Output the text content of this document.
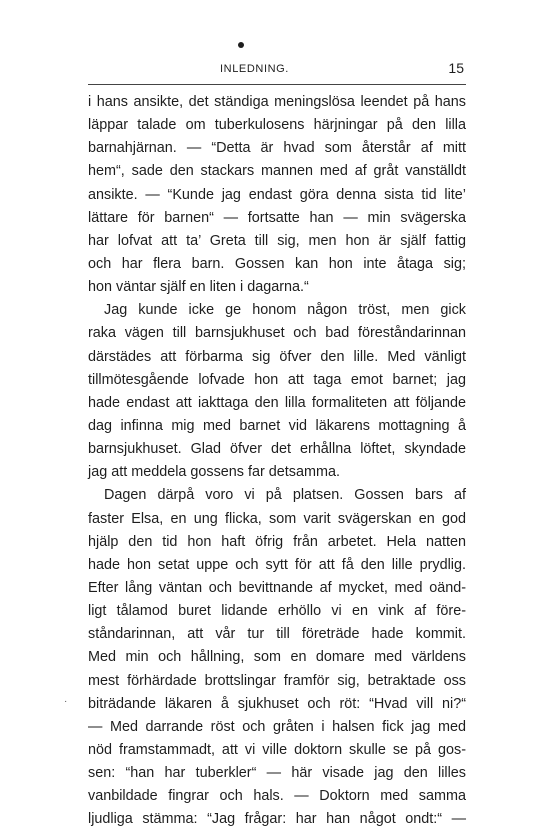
INLEDNING.	15
·
i hans ansikte, det ständiga meningslösa leendet på hans
läppar talade om tuberkulosens härjningar på den lilla
barnahjärnan. — “Detta är hvad som återstår af mitt
hem“, sade den stackars mannen med af gråt vanställdt
ansikte. — “Kunde jag endast göra denna sista tid lite’
lättare för barnen“ — fortsatte han — min svägerska
har lofvat att ta’ Greta till sig, men hon är själf fattig
och har flera barn. Gossen kan hon inte åtaga sig;
hon väntar själf en liten i dagarna.“
Jag kunde icke ge honom någon tröst, men gick
raka vägen till barnsjukhuset och bad föreståndarinnan
därstädes att förbarma sig öfver den lille. Med vänligt
tillmötesgående lofvade hon att taga emot barnet; jag
hade endast att iakttaga den lilla formaliteten att följande
dag infinna mig med barnet vid läkarens mottagning å
barnsjukhuset. Glad öfver det erhållna löftet, skyndade
jag att meddela gossens far detsamma.
Dagen därpå voro vi på platsen. Gossen bars af
faster Elsa, en ung flicka, som varit svägerskan en god
hjälp den tid hon haft öfrig från arbetet. Hela natten
hade hon setat uppe och sytt för att få den lille prydlig.
Efter lång väntan och bevittnande af mycket, med oänd-
ligt tålamod buret lidande erhöllo vi en vink af före-
ståndarinnan, att vår tur till företräde hade kommit.
Med min och hållning, som en domare med världens
mest förhärdade brottslingar framför sig, betraktade oss
biträdande läkaren å sjukhuset och röt: “Hvad vill ni?“
— Med darrande röst och gråten i halsen fick jag med
nöd framstammadt, att vi ville doktorn skulle se på gos-
sen: “han har tuberkler“ — här visade jag den lilles
vanbildade fingrar och hals. — Doktorn med samma
ljudliga stämma: “Jag frågar: har han något ondt:“ —
